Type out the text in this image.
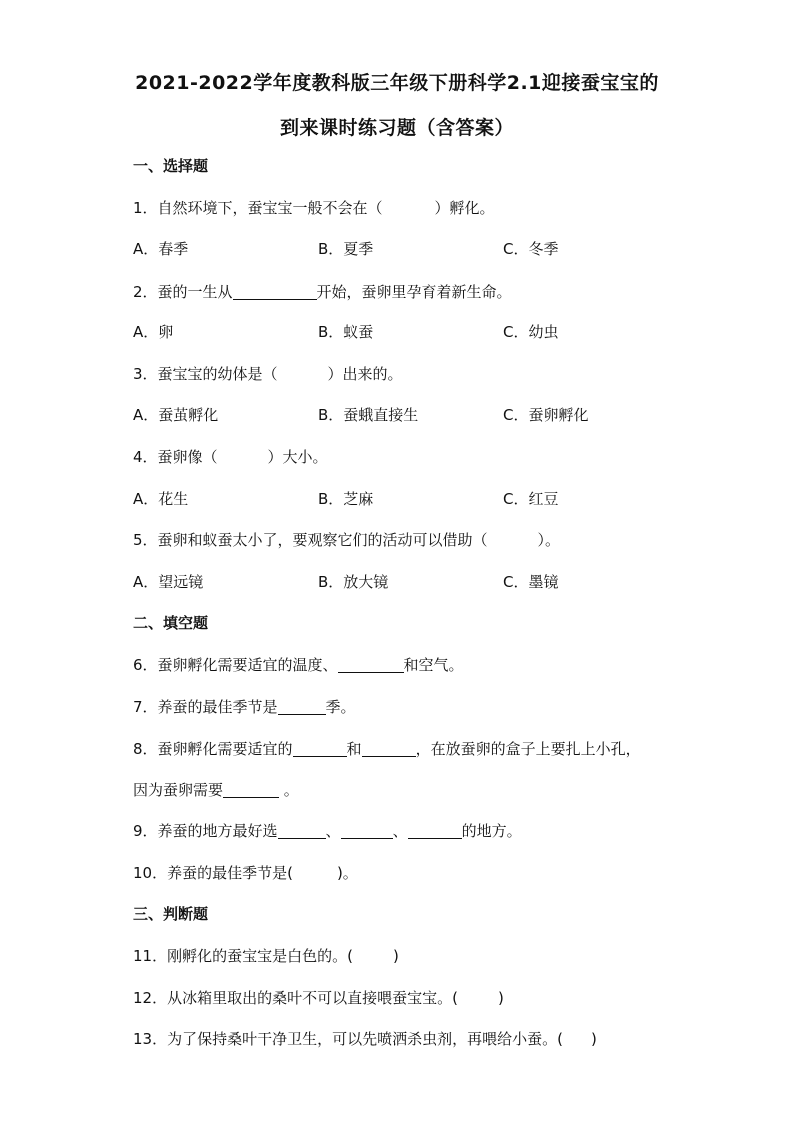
2021-2022学年度教科版三年级下册科学2.1迎接蚕宝宝的
到来课时练习题（含答案）
一、选择题
1．自然环境下，蚕宝宝一般不会在（	）孵化。
A．春季	B．夏季	C．冬季
2．蚕的一生从	开始，蚕卵里孕育着新生命。
A．卵	B．蚁蚕	C．幼虫
3．蚕宝宝的幼体是（	）出来的。
A．蚕茧孵化	B．蚕蛾直接生	C．蚕卵孵化
4．蚕卵像（	）大小。
A．花生	B．芝麻	C．红豆
5．蚕卵和蚁蚕太小了，要观察它们的活动可以借助（	）。
A．望远镜	B．放大镜	C．墨镜
二、填空题
6．蚕卵孵化需要适宜的温度、	和空气。
7．养蚕的最佳季节是	季。
8．蚕卵孵化需要适宜的	和	，在放蚕卵的盒子上要扎上小孔，
因为蚕卵需要	。
9．养蚕的地方最好选	、	、	的地方。
10．养蚕的最佳季节是(	)。
三、判断题
11．刚孵化的蚕宝宝是白色的。(	)
12．从冰箱里取出的桑叶不可以直接喂蚕宝宝。(	)
13．为了保持桑叶干净卫生，可以先喷洒杀虫剂，再喂给小蚕。( )
